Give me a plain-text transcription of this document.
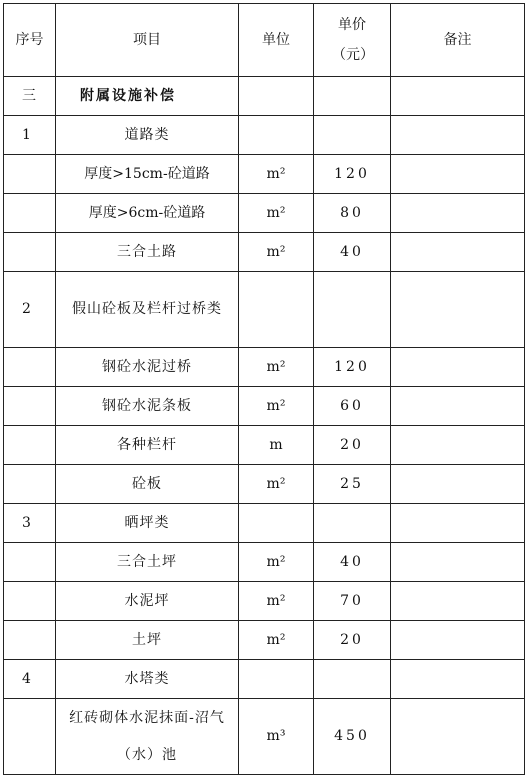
序号	项目	单位	单价（元）	备注
三	附属设施补偿			
1	道路类			
	厚度>15cm-砼道路	m²	120	
	厚度>6cm-砼道路	m²	80	
	三合土路	m²	40	
2	假山砼板及栏杆过桥类			
	钢砼水泥过桥	m²	120	
	钢砼水泥条板	m²	60	
	各种栏杆	m	20	
	砼板	m²	25	
3	晒坪类			
	三合土坪	m²	40	
	水泥坪	m²	70	
	土坪	m²	20	
4	水塔类			
	红砖砌体水泥抹面-沼气（水）池	m³	450	
